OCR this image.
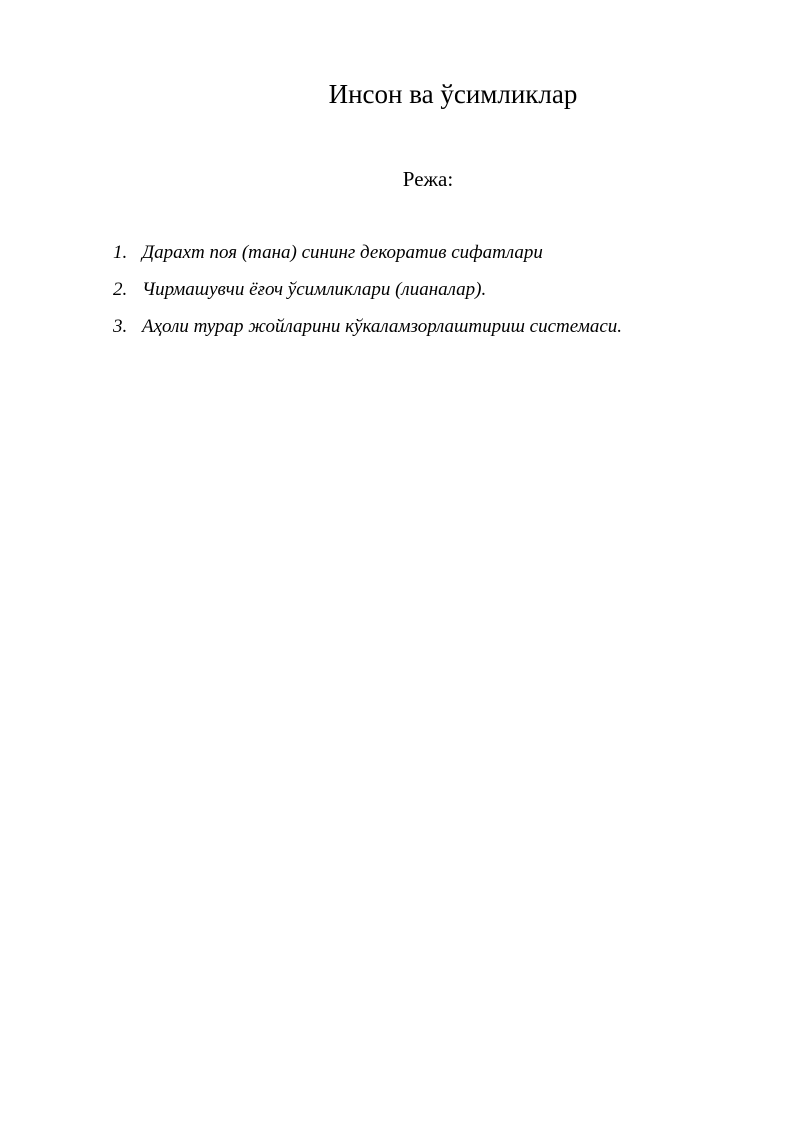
Инсон ва ўсимликлар
Режа:
1. Дарахт поя (тана) сининг декоратив сифатлари
2. Чирмашувчи ёғоч ўсимликлари (лианалар).
3. Аҳоли турар жойларини кўкаламзорлаштириш системаси.
